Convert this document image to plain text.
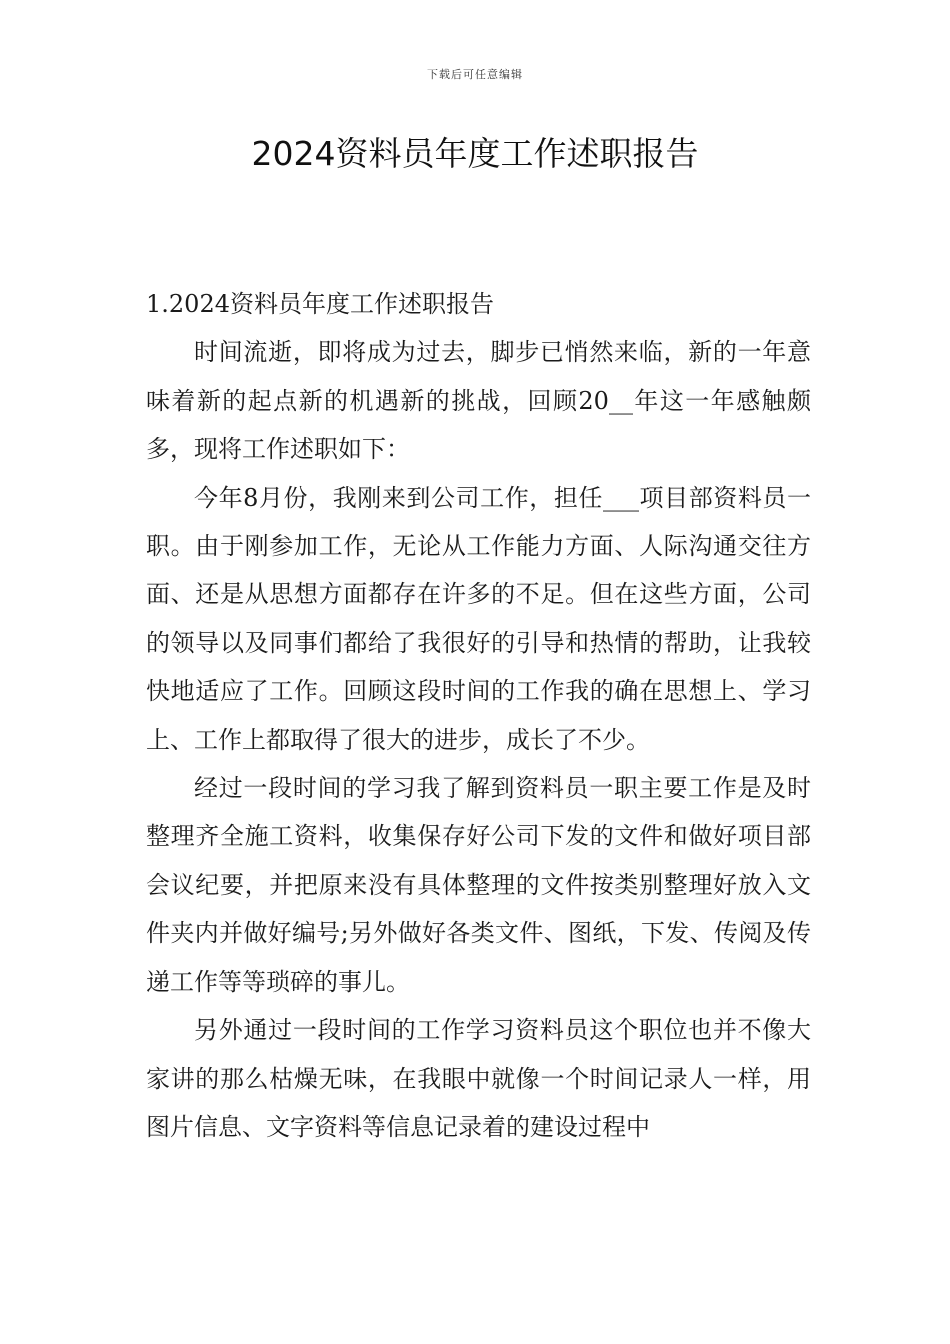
下载后可任意编辑
2024资料员年度工作述职报告

1.2024资料员年度工作述职报告

时间流逝，即将成为过去，脚步已悄然来临，新的一年意味着新的起点新的机遇新的挑战，回顾20__年这一年感触颇多，现将工作述职如下：

今年8月份，我刚来到公司工作，担任___项目部资料员一职。由于刚参加工作，无论从工作能力方面、人际沟通交往方面、还是从思想方面都存在许多的不足。但在这些方面，公司的领导以及同事们都给了我很好的引导和热情的帮助，让我较快地适应了工作。回顾这段时间的工作我的确在思想上、学习上、工作上都取得了很大的进步，成长了不少。

经过一段时间的学习我了解到资料员一职主要工作是及时整理齐全施工资料，收集保存好公司下发的文件和做好项目部会议纪要，并把原来没有具体整理的文件按类别整理好放入文件夹内并做好编号;另外做好各类文件、图纸，下发、传阅及传递工作等等琐碎的事儿。

另外通过一段时间的工作学习资料员这个职位也并不像大家讲的那么枯燥无味，在我眼中就像一个时间记录人一样，用图片信息、文字资料等信息记录着的建设过程中
